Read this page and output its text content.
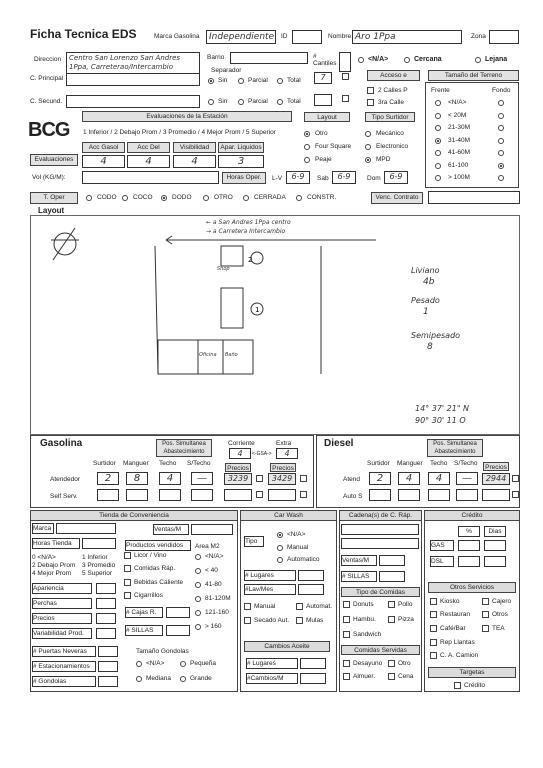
Ficha Tecnica EDS	Marca Gasolina Independiente ID	Nombre Aro 1Ppa	Zona
Direccion Centro San Lorenzo San Andres
1Ppa, Carreterao/Intercambio
Barrio	# Cantiles
<N/A>	Cercana	Lejana
C. Principal
Separador
Sin	Parcial	Total	7	Acceso e
2 Calles P
3ra Calle
C. Secund.	Sin	Parcial	Total
Tamaño del Terreno
Frente	Fondo
<N/A>
< 20M
21-30M
31-40M
41-60M
61-100
> 100M
Evaluaciones de la Estación
BCG 1 Inferior / 2 Debajo Prom / 3 Promedio / 4 Mejor Prom / 5 Superior
Acc Gasol	Acc Del	Visibilidad	Apar. Liquidos
Evaluaciones	4	4	4	3
Vol (KG/M):
Layout	Tipo Surtidor
Otro
Four Square
Peaje
Mecánico
Electronico
MPD
Horas Oper.	L-V	6-9	Sab	6-9	Dom	6-9
T. Oper	CODO	COCO	DODO	OTRO	CERRADA	CONSTR.	Venc. Contrato
Layout
2
1
← a San Andres 1Ppa centro
→ a Carretera Intercambio
Oficina Baño
Shop	Liviano
4b
Pesado
1
Semipesado
8
14° 37' 21" N
90° 30' 11 O
Gasolina	Pos. Simultanea Abastecimiento
Corriente	Extra
4	<-GSA->	4
Surtidor Manguer Techo S/Techo
Precios	Precios
Atendedor	2	8	4	—	3239	3429
Self Serv.
Diesel	Pos. Simultanea Abastecimiento
Surtidor Manguer Techo S/Techo
Precios
Atend	2	4	4	—	2944
Auto S
Tienda de Conveniencia
Marca	Ventas/M
Horas Tienda	Productos vendidos	Area M2
0 <N/A>	1 Inferior
2 Debajo Prom 3 Promedio
4 Mejor Prom 5 Superior
Licor / Vino
Comidas Ráp.
Bebidas Caliente
Cigarrillos
<N/A>
< 40
41-80
81-120M
121-160
> 160
Apariencia
Perchas
Precios
Variabilidad Prod.
# Cajas R.
# SILLAS
# Puertas Neveras
# Estacionamientos
# Gondolas
Tamaño Gondolas
<N/A>	Pequeña
Mediana	Grande
Car Wash
Tipo
<N/A>
Manual
Automatico
# Lugares
#Lav/Mes
Manual	Automat.
Secado Aut.	Mulas
Cambios Aceite
# Lugares
#Cambios/M
Cadena(s) de C. Ráp.
Ventas/M
# SILLAS
Tipo de Comidas
Donuts	Pollo
Hambu.	Pizza
Sandwich
Comidas Servidas
Desayuno Otro
Almuer.	Cena
Crédito
%	Dias
GAS
DSL
Otros Servicios
Kiosko	Cajero
Restauran	Otros
Café/Bar	TEA
Rep Llantas
C. A. Camion
Targetas
Crédito
